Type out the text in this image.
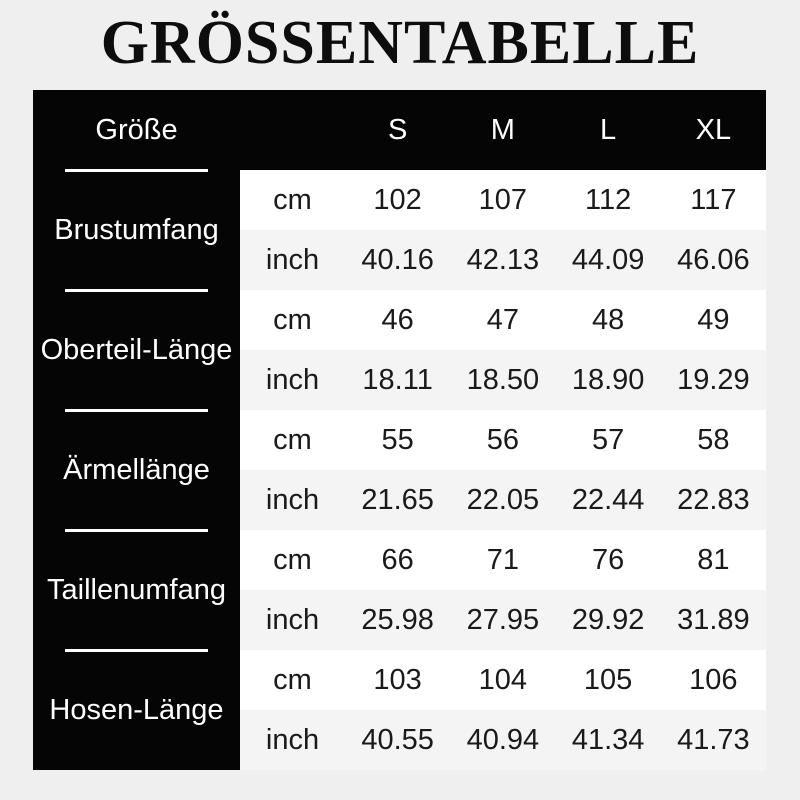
GRÖSSENTABELLE
Größe	S	M	L	XL
Brustumfang
cm	102	107	112	117
inch	40.16	42.13	44.09	46.06
Oberteil-Länge
cm	46	47	48	49
inch	18.11	18.50	18.90	19.29
Ärmellänge
cm	55	56	57	58
inch	21.65	22.05	22.44	22.83
Taillenumfang
cm	66	71	76	81
inch	25.98	27.95	29.92	31.89
Hosen-Länge
cm	103	104	105	106
inch	40.55	40.94	41.34	41.73
